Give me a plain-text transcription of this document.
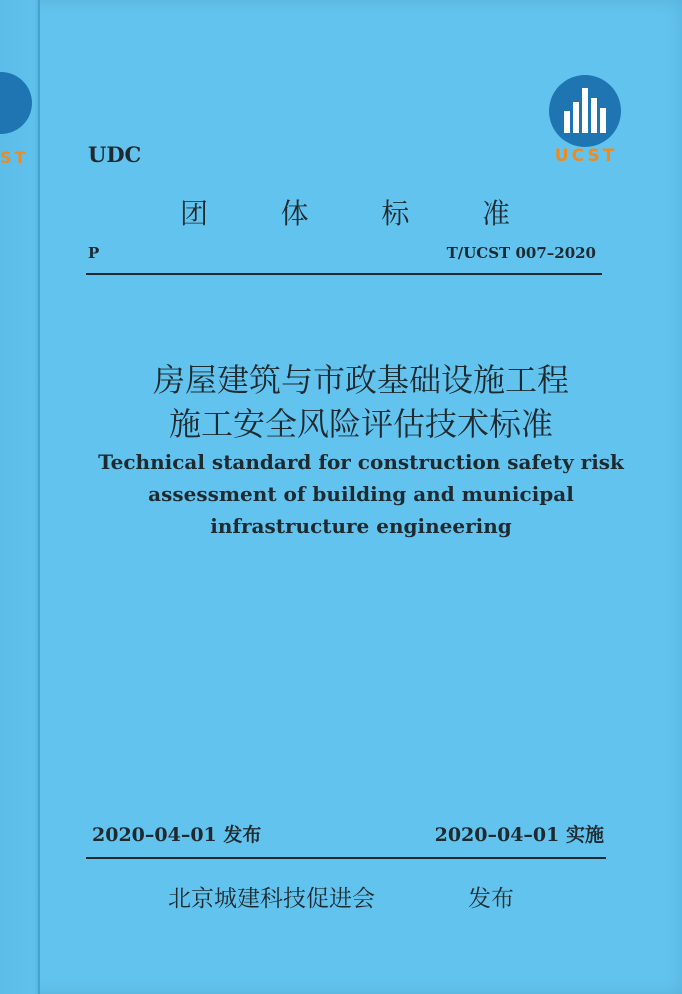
ST	UDC	UCST
团	体	标	准
P	T/UCST 007–2020
房屋建筑与市政基础设施工程
施工安全风险评估技术标准
Technical standard for construction safety risk
assessment of building and municipal
infrastructure engineering
2020–04–01 发布	2020–04–01 实施
北京城建科技促进会	发布
